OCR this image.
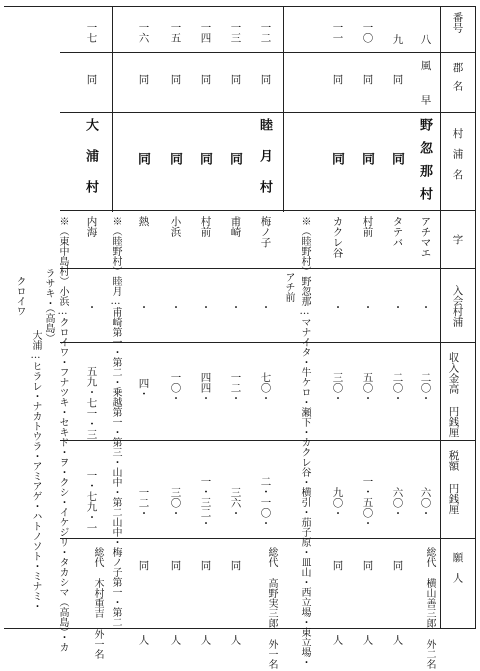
番号
郡名
村浦名
字
入会村浦
収入金高 円銭厘
税額 円銭厘
願人
八
風早
野忽那村
アチマエ
・
二〇・
六〇・
総代 横山善三郎 外二名
九
同
同
タテバ
・
二〇・
六〇・
同 人
一〇
同
同
村前
・
五〇・
一・五〇・
同 人
一一
同
同
カクレ谷
・
三〇・
九〇・
同 人
※（睦野村）野忽那…マナイタ・牛ケロ・瀬下・カクレ谷・横引・茄子原・皿山・西立場・東立場・
アチ前
一二
同
睦月村
梅ノ子
・
七〇・
二・一〇・
総代 高野実三郎 外一名
一三
同
同
甫崎
・
一二・
三六・
同 人
一四
同
同
村前
・
四四・
一・三二・
同 人
一五
同
同
小浜
・
一〇・
三〇・
同 人
一六
同
同
熱
・
四・
一二・
同 人
※（睦野村）睦月…甫崎第一・第二・乗越第一・第三・山中・第二山中・梅ノ子第一・第二
一七
同
大浦村
内海
・
五九・七一・三
一・七九・一
総代 木村重吉 外一名
※（東中島村）小浜…クロイワ・フナツキ・セキド・ヲ・クシ・イケジリ・タカシマ（高島）・カ
ラサキ・（高島）
大浦…ヒラレ・ナカトウラ・アミアゲ・ハトノソト・ミナミ・
クロイワ
